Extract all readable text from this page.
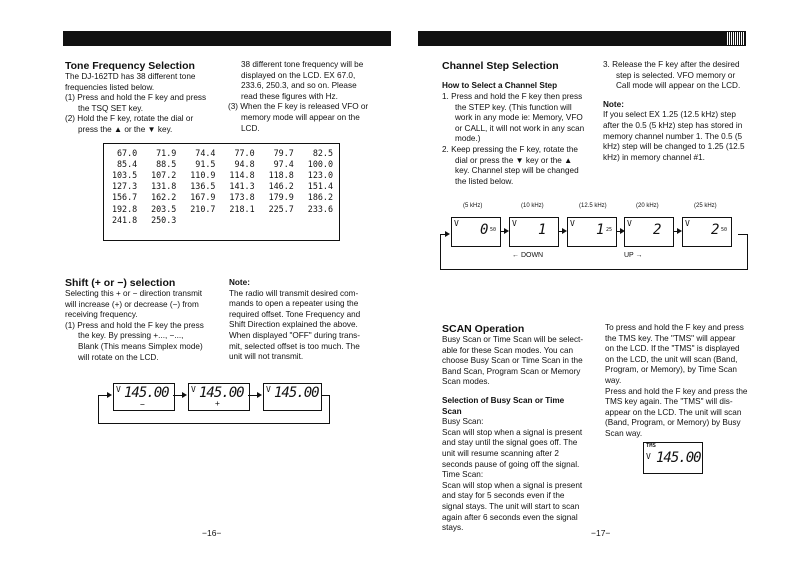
Tone Frequency Selection
The DJ-162TD has 38 different tone
frequencies listed below.
(1) Press and hold the F key and press
the TSQ SET key.
(2) Hold the F key, rotate the dial or
press the ▲ or the ▼ key.
38 different tone frequency will be
displayed on the LCD. EX 67.0,
233.6, 250.3, and so on. Please
read these figures with Hz.
(3) When the F key is released VFO or
memory mode will appear on the
LCD.
67.0	71.9	74.4	77.0	79.7	82.5
85.4	88.5	91.5	94.8	97.4	100.0
103.5	107.2	110.9	114.8	118.8	123.0
127.3	131.8	136.5	141.3	146.2	151.4
156.7	162.2	167.9	173.8	179.9	186.2
192.8	203.5	210.7	218.1	225.7	233.6
241.8	250.3				
Shift (+ or −) selection
Selecting this + or − direction transmit
will increase (+) or decrease (−) from
receiving frequency.
(1) Press and hold the F key the press
the key. By pressing +..., −...,
Blank (This means Simplex mode)
will rotate on the LCD.
Note:
The radio will transmit desired com-
mands to open a repeater using the
required offset. Tone Frequency and
Shift Direction explained the above.
When displayed "OFF" during trans-
mit, selected offset is too much. The
unit will not transmit.
V 145.00
−
V 145.00
+
V 145.00
−16−
Channel Step Selection
How to Select a Channel Step
1. Press and hold the F key then press
the STEP key. (This function will
work in any mode ie: Memory, VFO
or CALL, it will not work in any scan
mode.)
2. Keep pressing the F key, rotate the
dial or press the ▼ key or the ▲
key. Channel step will be changed
the listed below.
3. Release the F key after the desired
step is selected. VFO memory or
Call mode will appear on the LCD.
Note:
If you select EX 1.25 (12.5 kHz) step
after the 0.5 (5 kHz) step has stored in
memory channel number 1. The 0.5 (5
kHz) step will be changed to 1.25 (12.5
kHz) in memory channel #1.
(5 kHz)
V 0 50
(10 kHz)
V 1
(12.5 kHz)
V 1 25
(20 kHz)
V 2
(25 kHz)
V 2 50
← DOWN	UP →
SCAN Operation
Busy Scan or Time Scan will be select-
able for these Scan modes. You can
choose Busy Scan or Time Scan in the
Band Scan, Program Scan or Memory
Scan modes.
Selection of Busy Scan or Time
Scan
Busy Scan:
Scan will stop when a signal is present
and stay until the signal goes off. The
unit will resume scanning after 2
seconds pause of going off the signal.
Time Scan:
Scan will stop when a signal is present
and stay for 5 seconds even if the
signal stays. The unit will start to scan
again after 6 seconds even the signal
stays.
To press and hold the F key and press
the TMS key. The "TMS" will appear
on the LCD. If the "TMS" is displayed
on the LCD, the unit will scan (Band,
Program, or Memory), by Time Scan
way.
Press and hold the F key and press the
TMS key again. The "TMS" will dis-
appear on the LCD. The unit will scan
(Band, Program, or Memory) by Busy
Scan way.
TMS
V 145.00
−17−
